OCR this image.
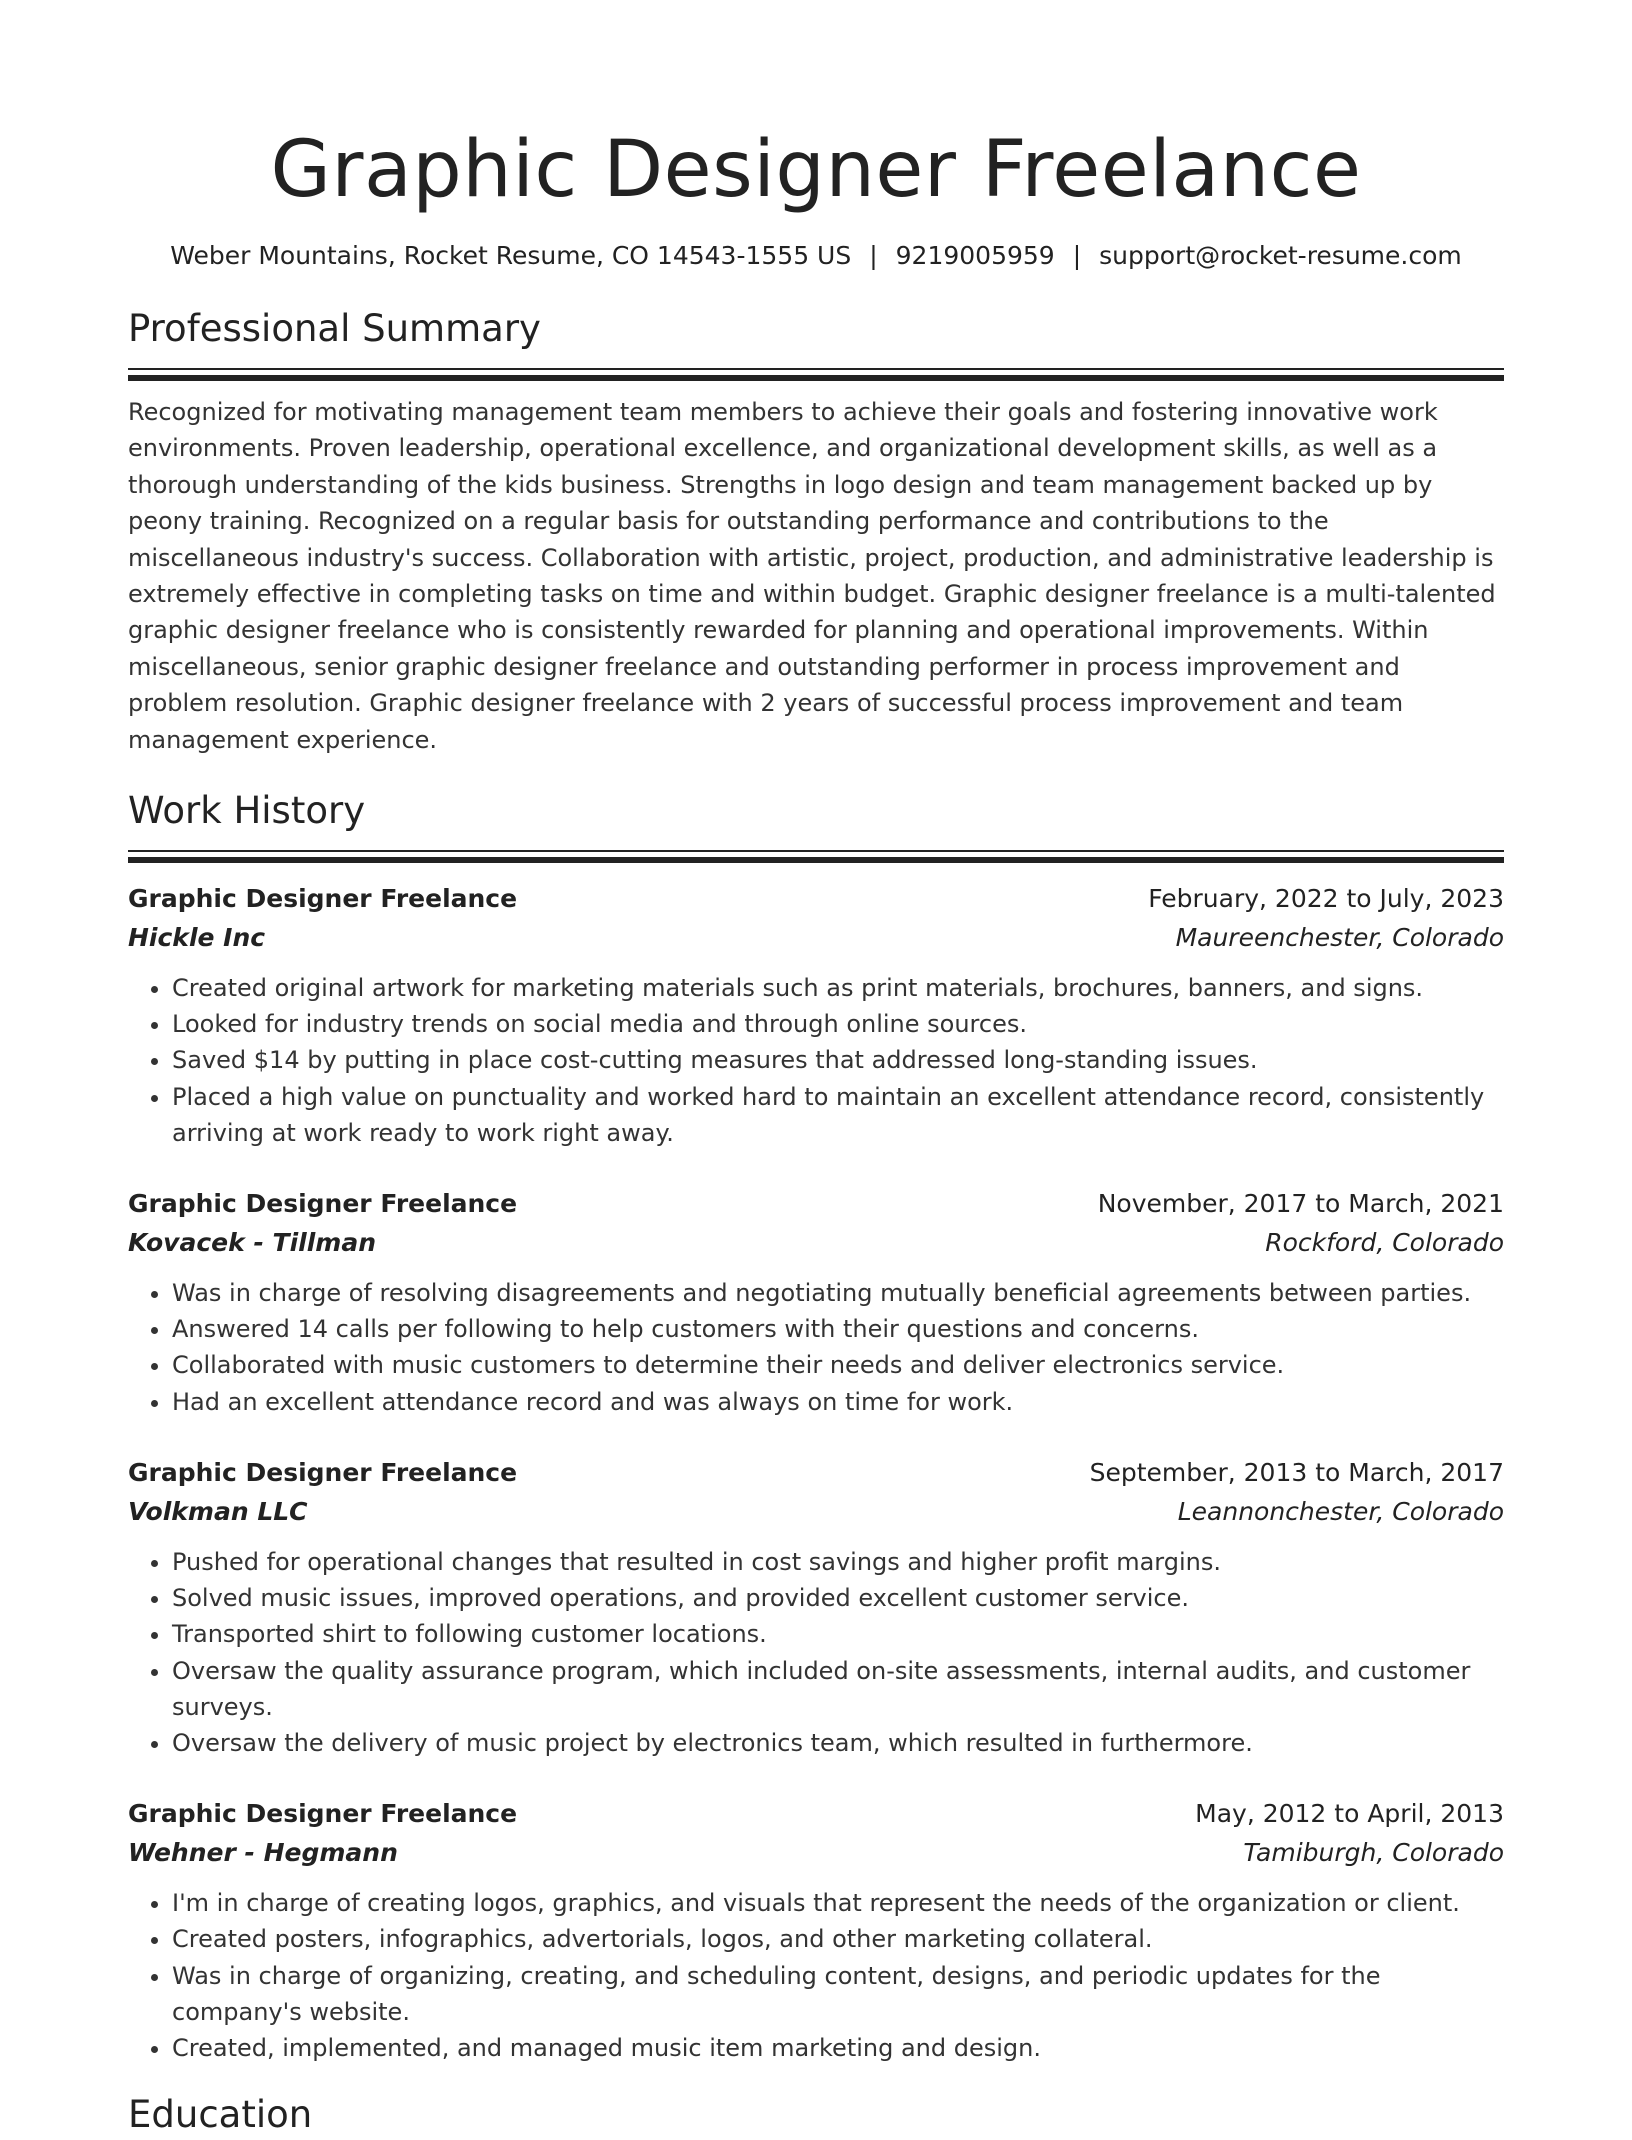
Graphic Designer Freelance
Weber Mountains, Rocket Resume, CO 14543-1555 US | 9219005959 | support@rocket-resume.com
Professional Summary

Recognized for motivating management team members to achieve their goals and fostering innovative work environments. Proven leadership, operational excellence, and organizational development skills, as well as a thorough understanding of the kids business. Strengths in logo design and team management backed up by peony training. Recognized on a regular basis for outstanding performance and contributions to the miscellaneous industry's success. Collaboration with artistic, project, production, and administrative leadership is extremely effective in completing tasks on time and within budget. Graphic designer freelance is a multi-talented graphic designer freelance who is consistently rewarded for planning and operational improvements. Within miscellaneous, senior graphic designer freelance and outstanding performer in process improvement and problem resolution. Graphic designer freelance with 2 years of successful process improvement and team management experience.

Work History
Graphic Designer Freelance	February, 2022 to July, 2023
Hickle Inc	Maureenchester, Colorado
• Created original artwork for marketing materials such as print materials, brochures, banners, and signs.
• Looked for industry trends on social media and through online sources.
• Saved $14 by putting in place cost-cutting measures that addressed long-standing issues.
• Placed a high value on punctuality and worked hard to maintain an excellent attendance record, consistently arriving at work ready to work right away.
Graphic Designer Freelance	November, 2017 to March, 2021
Kovacek - Tillman	Rockford, Colorado
• Was in charge of resolving disagreements and negotiating mutually beneficial agreements between parties.
• Answered 14 calls per following to help customers with their questions and concerns.
• Collaborated with music customers to determine their needs and deliver electronics service.
• Had an excellent attendance record and was always on time for work.
Graphic Designer Freelance	September, 2013 to March, 2017
Volkman LLC	Leannonchester, Colorado
• Pushed for operational changes that resulted in cost savings and higher profit margins.
• Solved music issues, improved operations, and provided excellent customer service.
• Transported shirt to following customer locations.
• Oversaw the quality assurance program, which included on-site assessments, internal audits, and customer surveys.
• Oversaw the delivery of music project by electronics team, which resulted in furthermore.
Graphic Designer Freelance	May, 2012 to April, 2013
Wehner - Hegmann	Tamiburgh, Colorado
• I'm in charge of creating logos, graphics, and visuals that represent the needs of the organization or client.
• Created posters, infographics, advertorials, logos, and other marketing collateral.
• Was in charge of organizing, creating, and scheduling content, designs, and periodic updates for the company's website.
• Created, implemented, and managed music item marketing and design.
Education
